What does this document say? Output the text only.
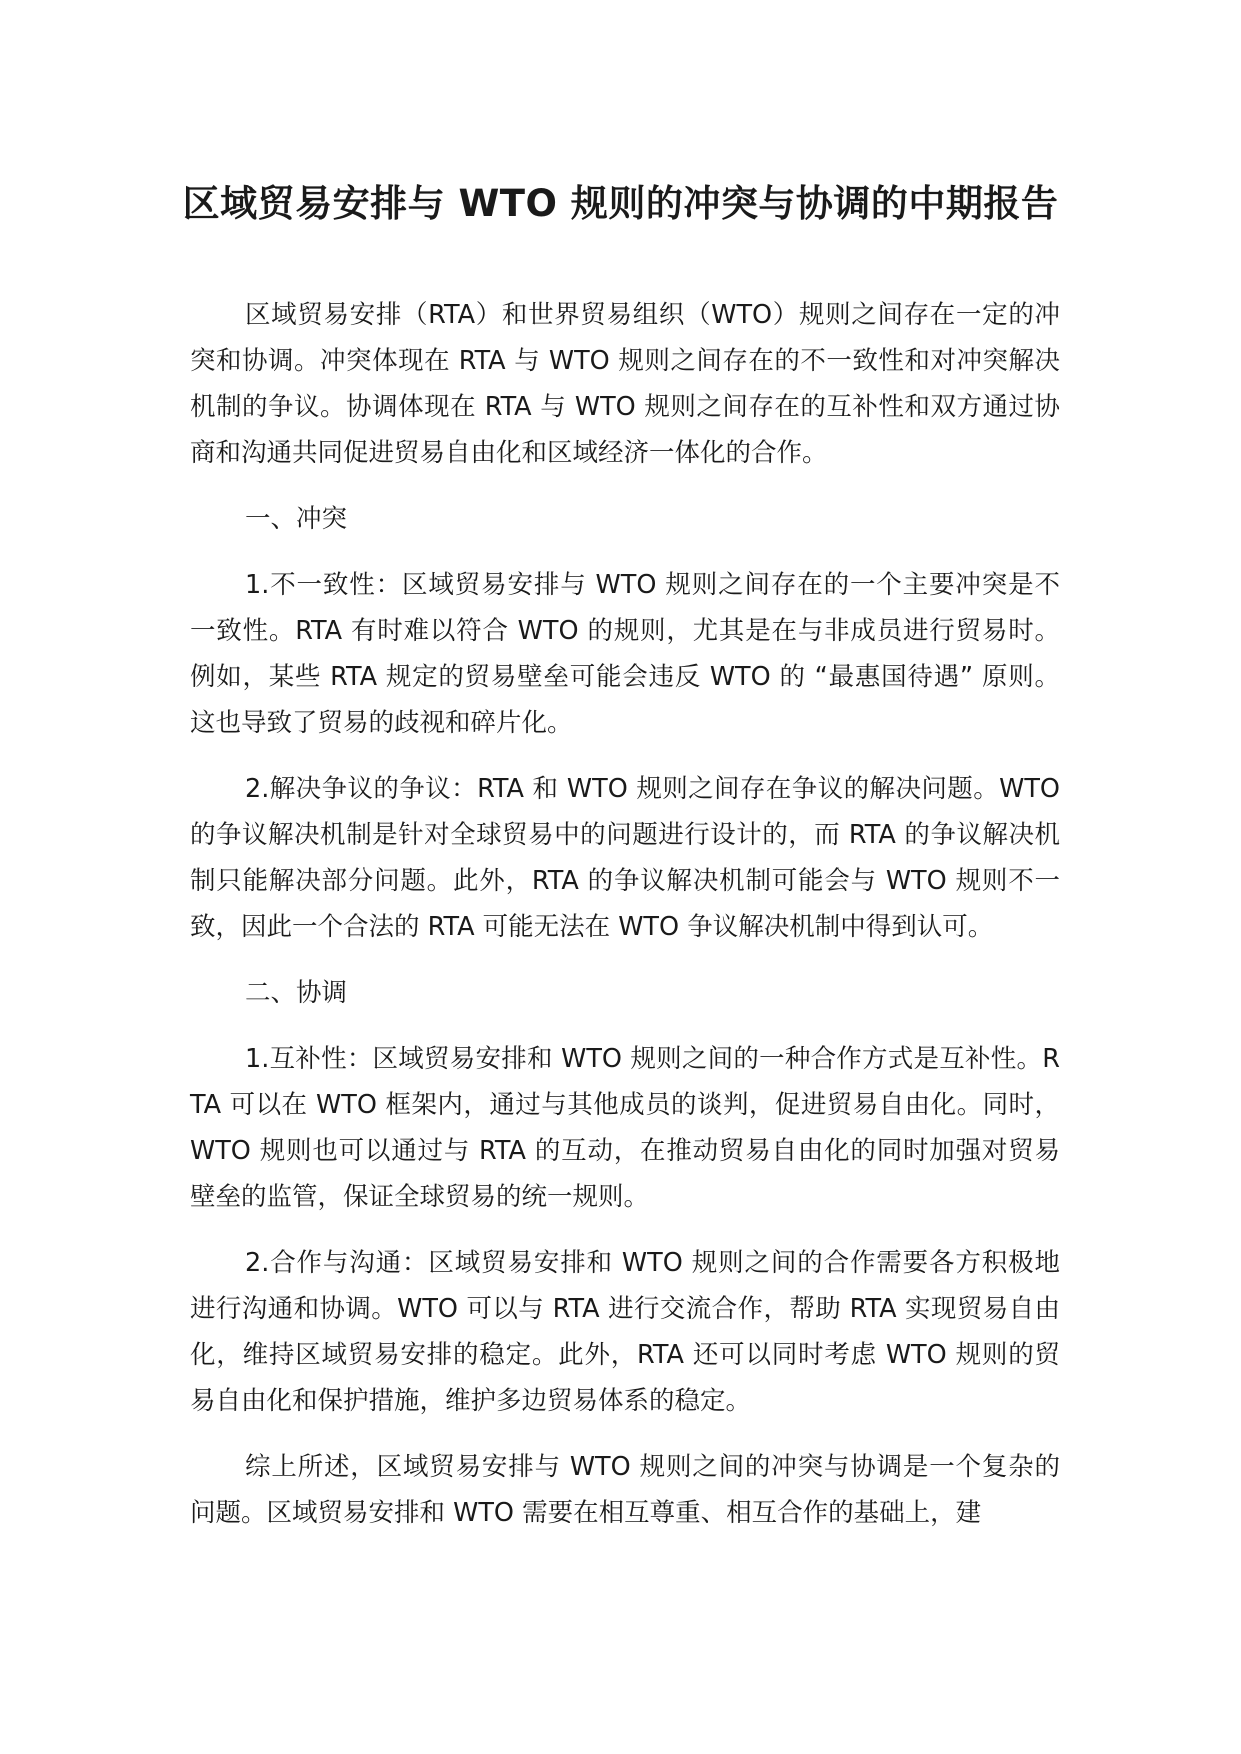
区域贸易安排与 WTO 规则的冲突与协调的中期报告

区域贸易安排（RTA）和世界贸易组织（WTO）规则之间存在一定的冲突和协调。冲突体现在 RTA 与 WTO 规则之间存在的不一致性和对冲突解决机制的争议。协调体现在 RTA 与 WTO 规则之间存在的互补性和双方通过协商和沟通共同促进贸易自由化和区域经济一体化的合作。

一、冲突

1.不一致性：区域贸易安排与 WTO 规则之间存在的一个主要冲突是不一致性。RTA 有时难以符合 WTO 的规则，尤其是在与非成员进行贸易时。例如，某些 RTA 规定的贸易壁垒可能会违反 WTO 的 “最惠国待遇” 原则。这也导致了贸易的歧视和碎片化。

2.解决争议的争议：RTA 和 WTO 规则之间存在争议的解决问题。WTO 的争议解决机制是针对全球贸易中的问题进行设计的，而 RTA 的争议解决机制只能解决部分问题。此外，RTA 的争议解决机制可能会与 WTO 规则不一致，因此一个合法的 RTA 可能无法在 WTO 争议解决机制中得到认可。

二、协调

1.互补性：区域贸易安排和 WTO 规则之间的一种合作方式是互补性。RTA 可以在 WTO 框架内，通过与其他成员的谈判，促进贸易自由化。同时，WTO 规则也可以通过与 RTA 的互动，在推动贸易自由化的同时加强对贸易壁垒的监管，保证全球贸易的统一规则。

2.合作与沟通：区域贸易安排和 WTO 规则之间的合作需要各方积极地进行沟通和协调。WTO 可以与 RTA 进行交流合作，帮助 RTA 实现贸易自由化，维持区域贸易安排的稳定。此外，RTA 还可以同时考虑 WTO 规则的贸易自由化和保护措施，维护多边贸易体系的稳定。

综上所述，区域贸易安排与 WTO 规则之间的冲突与协调是一个复杂的问题。区域贸易安排和 WTO 需要在相互尊重、相互合作的基础上，建
